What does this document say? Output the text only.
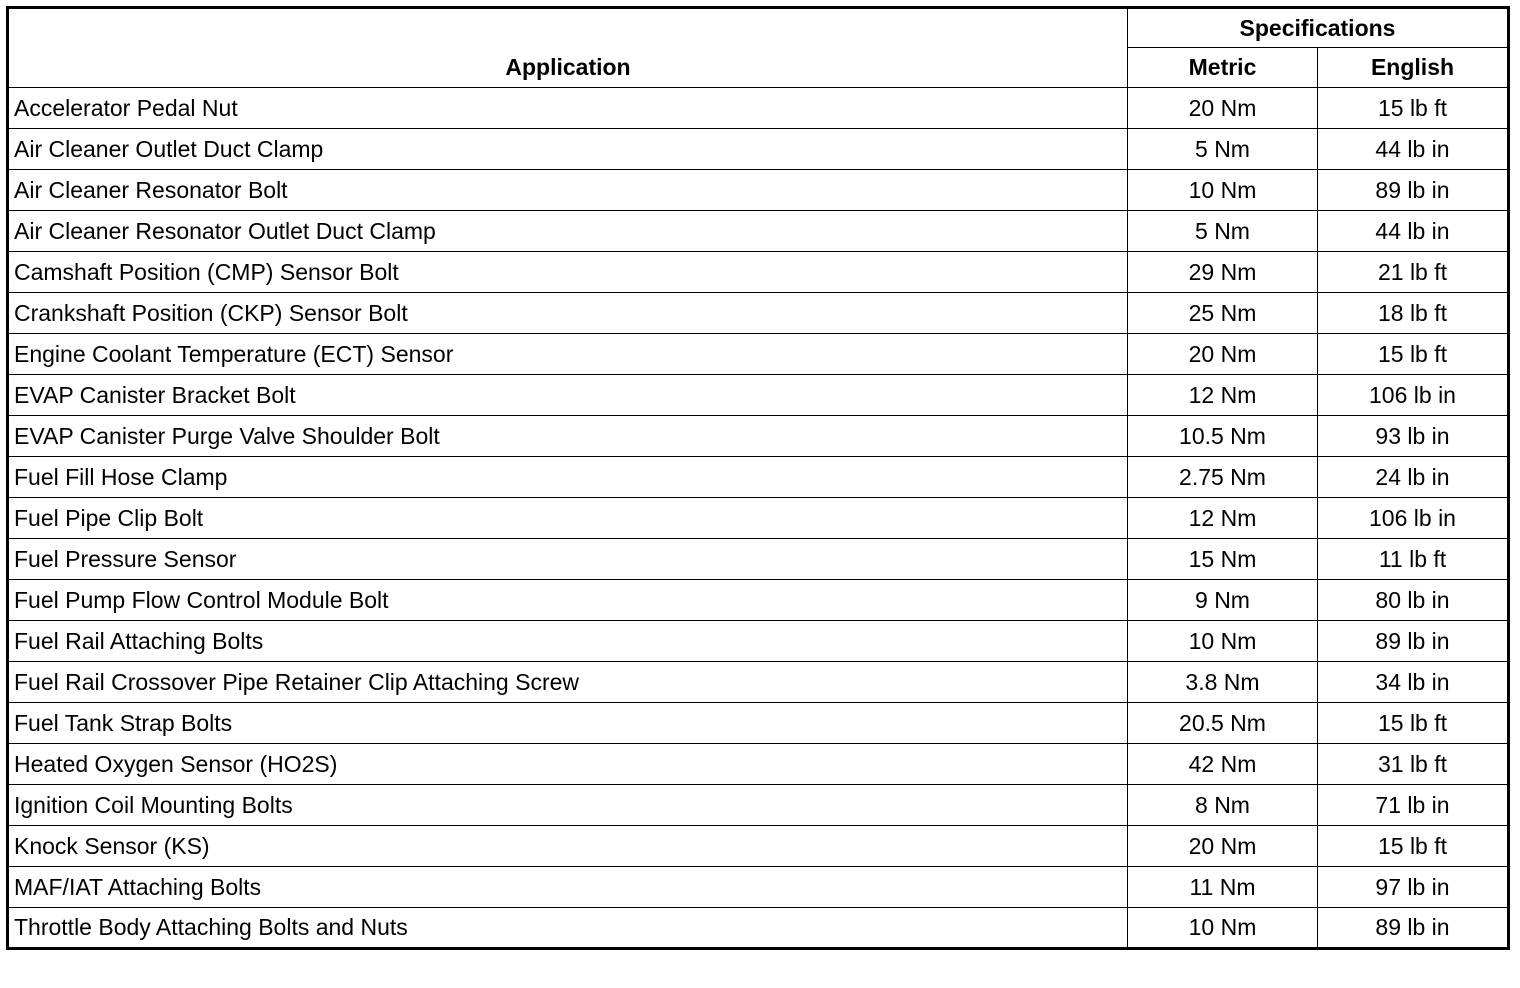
Application	Specifications	
	Metric	English
Accelerator Pedal Nut	20 Nm	15 lb ft
Air Cleaner Outlet Duct Clamp	5 Nm	44 lb in
Air Cleaner Resonator Bolt	10 Nm	89 lb in
Air Cleaner Resonator Outlet Duct Clamp	5 Nm	44 lb in
Camshaft Position (CMP) Sensor Bolt	29 Nm	21 lb ft
Crankshaft Position (CKP) Sensor Bolt	25 Nm	18 lb ft
Engine Coolant Temperature (ECT) Sensor	20 Nm	15 lb ft
EVAP Canister Bracket Bolt	12 Nm	106 lb in
EVAP Canister Purge Valve Shoulder Bolt	10.5 Nm	93 lb in
Fuel Fill Hose Clamp	2.75 Nm	24 lb in
Fuel Pipe Clip Bolt	12 Nm	106 lb in
Fuel Pressure Sensor	15 Nm	11 lb ft
Fuel Pump Flow Control Module Bolt	9 Nm	80 lb in
Fuel Rail Attaching Bolts	10 Nm	89 lb in
Fuel Rail Crossover Pipe Retainer Clip Attaching Screw	3.8 Nm	34 lb in
Fuel Tank Strap Bolts	20.5 Nm	15 lb ft
Heated Oxygen Sensor (HO2S)	42 Nm	31 lb ft
Ignition Coil Mounting Bolts	8 Nm	71 lb in
Knock Sensor (KS)	20 Nm	15 lb ft
MAF/IAT Attaching Bolts	11 Nm	97 lb in
Throttle Body Attaching Bolts and Nuts	10 Nm	89 lb in
